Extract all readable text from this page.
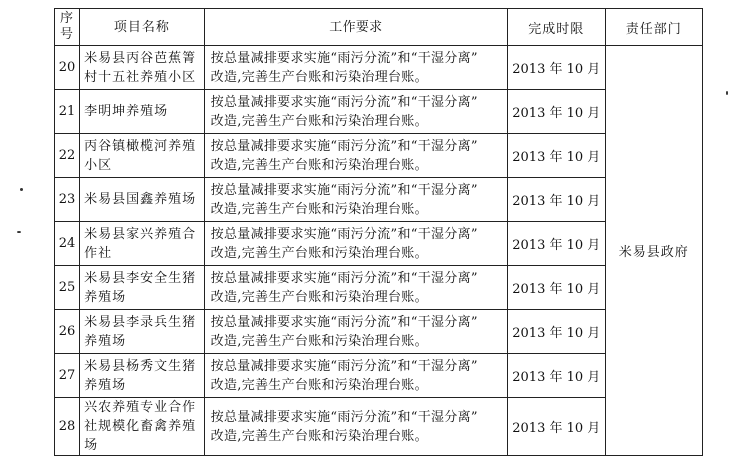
序
号	项目名称	工作要求	完成时限	责任部门
20	米易县丙谷芭蕉箐村十五社养殖小区	按总量减排要求实施“雨污分流”和“干湿分离”
改造,完善生产台账和污染治理台账。	2013 年 10 月	米易县政府
21	李明坤养殖场	按总量减排要求实施“雨污分流”和“干湿分离”
改造,完善生产台账和污染治理台账。	2013 年 10 月	
22	丙谷镇橄榄河养殖小区	按总量减排要求实施“雨污分流”和“干湿分离”
改造,完善生产台账和污染治理台账。	2013 年 10 月	
23	米易县国鑫养殖场	按总量减排要求实施“雨污分流”和“干湿分离”
改造,完善生产台账和污染治理台账。	2013 年 10 月	
24	米易县家兴养殖合作社	按总量减排要求实施“雨污分流”和“干湿分离”
改造,完善生产台账和污染治理台账。	2013 年 10 月	
25	米易县李安全生猪养殖场	按总量减排要求实施“雨污分流”和“干湿分离”
改造,完善生产台账和污染治理台账。	2013 年 10 月	
26	米易县李录兵生猪养殖场	按总量减排要求实施“雨污分流”和“干湿分离”
改造,完善生产台账和污染治理台账。	2013 年 10 月	
27	米易县杨秀文生猪养殖场	按总量减排要求实施“雨污分流”和“干湿分离”
改造,完善生产台账和污染治理台账。	2013 年 10 月	
28	兴农养殖专业合作社规模化畜禽养殖场	按总量减排要求实施“雨污分流”和“干湿分离”
改造,完善生产台账和污染治理台账。	2013 年 10 月	
